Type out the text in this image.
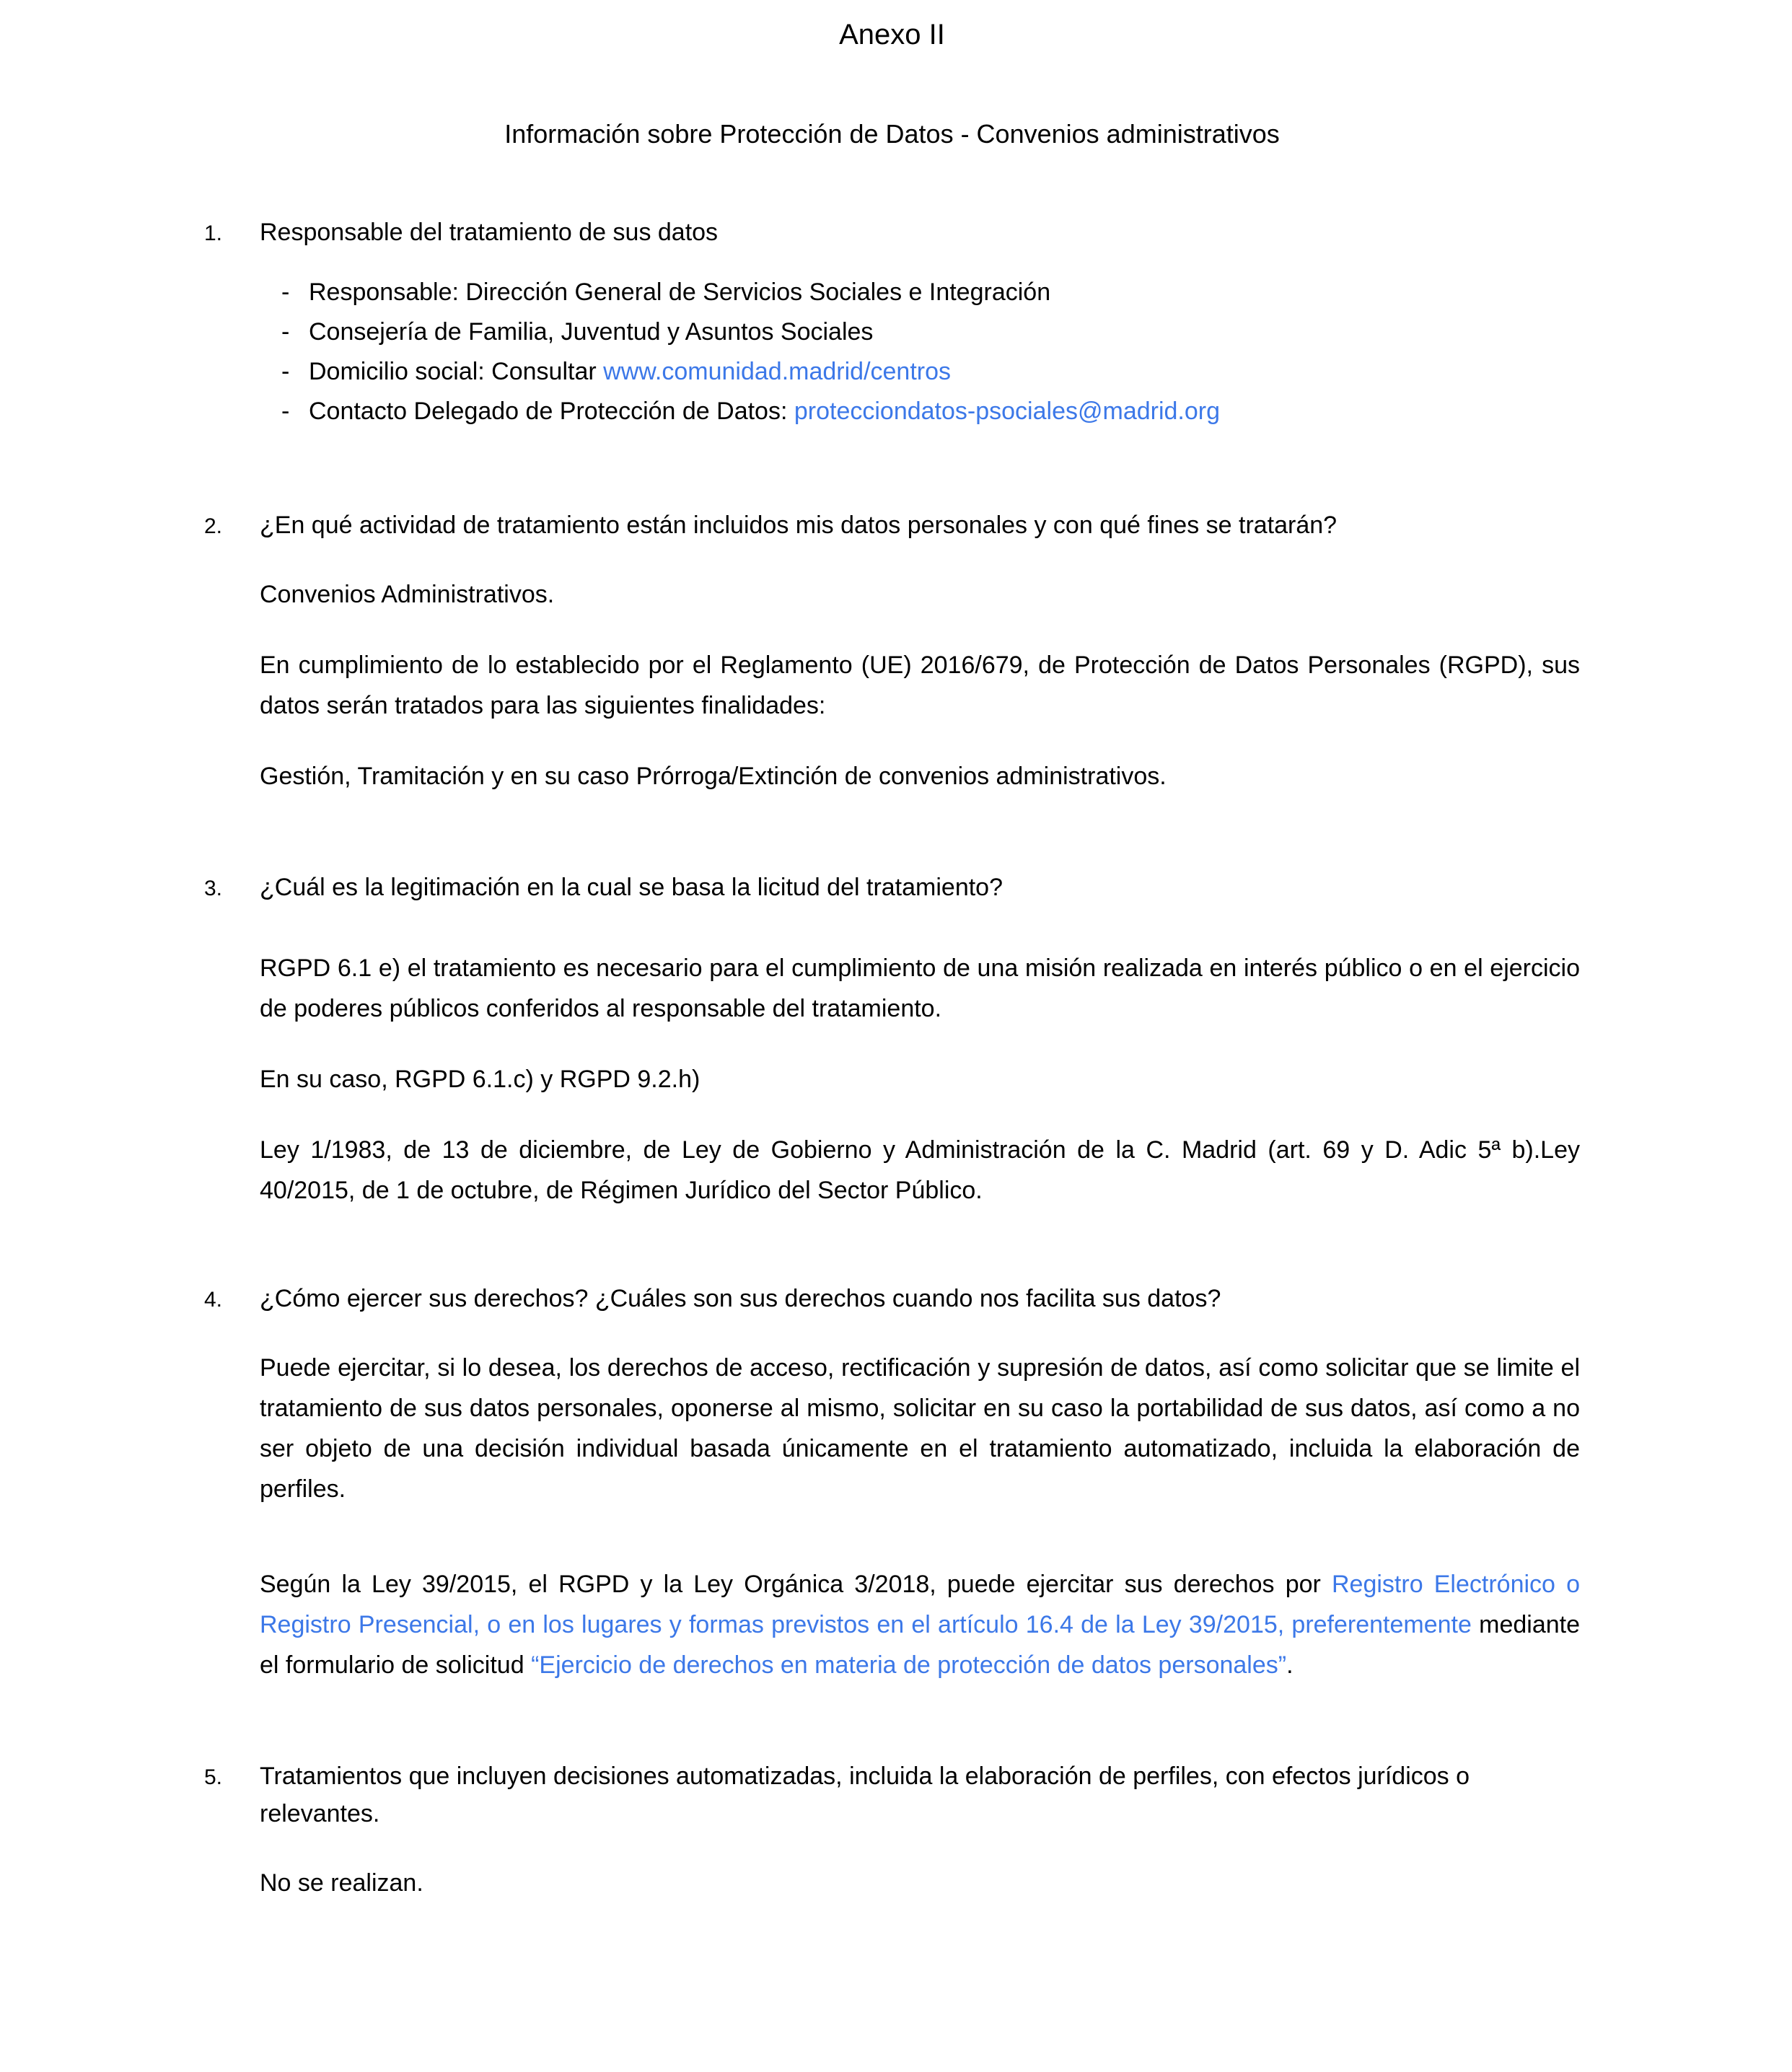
Anexo II
Información sobre Protección de Datos - Convenios administrativos
1.	Responsable del tratamiento de sus datos
- Responsable: Dirección General de Servicios Sociales e Integración
- Consejería de Familia, Juventud y Asuntos Sociales
- Domicilio social: Consultar www.comunidad.madrid/centros
- Contacto Delegado de Protección de Datos: protecciondatos-psociales@madrid.org
2.	¿En qué actividad de tratamiento están incluidos mis datos personales y con qué fines se tratarán?
Convenios Administrativos.
En cumplimiento de lo establecido por el Reglamento (UE) 2016/679, de Protección de Datos Personales (RGPD), sus datos serán tratados para las siguientes finalidades:
Gestión, Tramitación y en su caso Prórroga/Extinción de convenios administrativos.
3.	¿Cuál es la legitimación en la cual se basa la licitud del tratamiento?
RGPD 6.1 e) el tratamiento es necesario para el cumplimiento de una misión realizada en interés público o en el ejercicio de poderes públicos conferidos al responsable del tratamiento.
En su caso, RGPD 6.1.c) y RGPD 9.2.h)
Ley 1/1983, de 13 de diciembre, de Ley de Gobierno y Administración de la C. Madrid (art. 69 y D. Adic 5ª b).Ley 40/2015, de 1 de octubre, de Régimen Jurídico del Sector Público.
4.	¿Cómo ejercer sus derechos? ¿Cuáles son sus derechos cuando nos facilita sus datos?
Puede ejercitar, si lo desea, los derechos de acceso, rectificación y supresión de datos, así como solicitar que se limite el tratamiento de sus datos personales, oponerse al mismo, solicitar en su caso la portabilidad de sus datos, así como a no ser objeto de una decisión individual basada únicamente en el tratamiento automatizado, incluida la elaboración de perfiles.
Según la Ley 39/2015, el RGPD y la Ley Orgánica 3/2018, puede ejercitar sus derechos por Registro Electrónico o Registro Presencial, o en los lugares y formas previstos en el artículo 16.4 de la Ley 39/2015, preferentemente mediante el formulario de solicitud “Ejercicio de derechos en materia de protección de datos personales”.
5.	Tratamientos que incluyen decisiones automatizadas, incluida la elaboración de perfiles, con efectos jurídicos o relevantes.
No se realizan.
